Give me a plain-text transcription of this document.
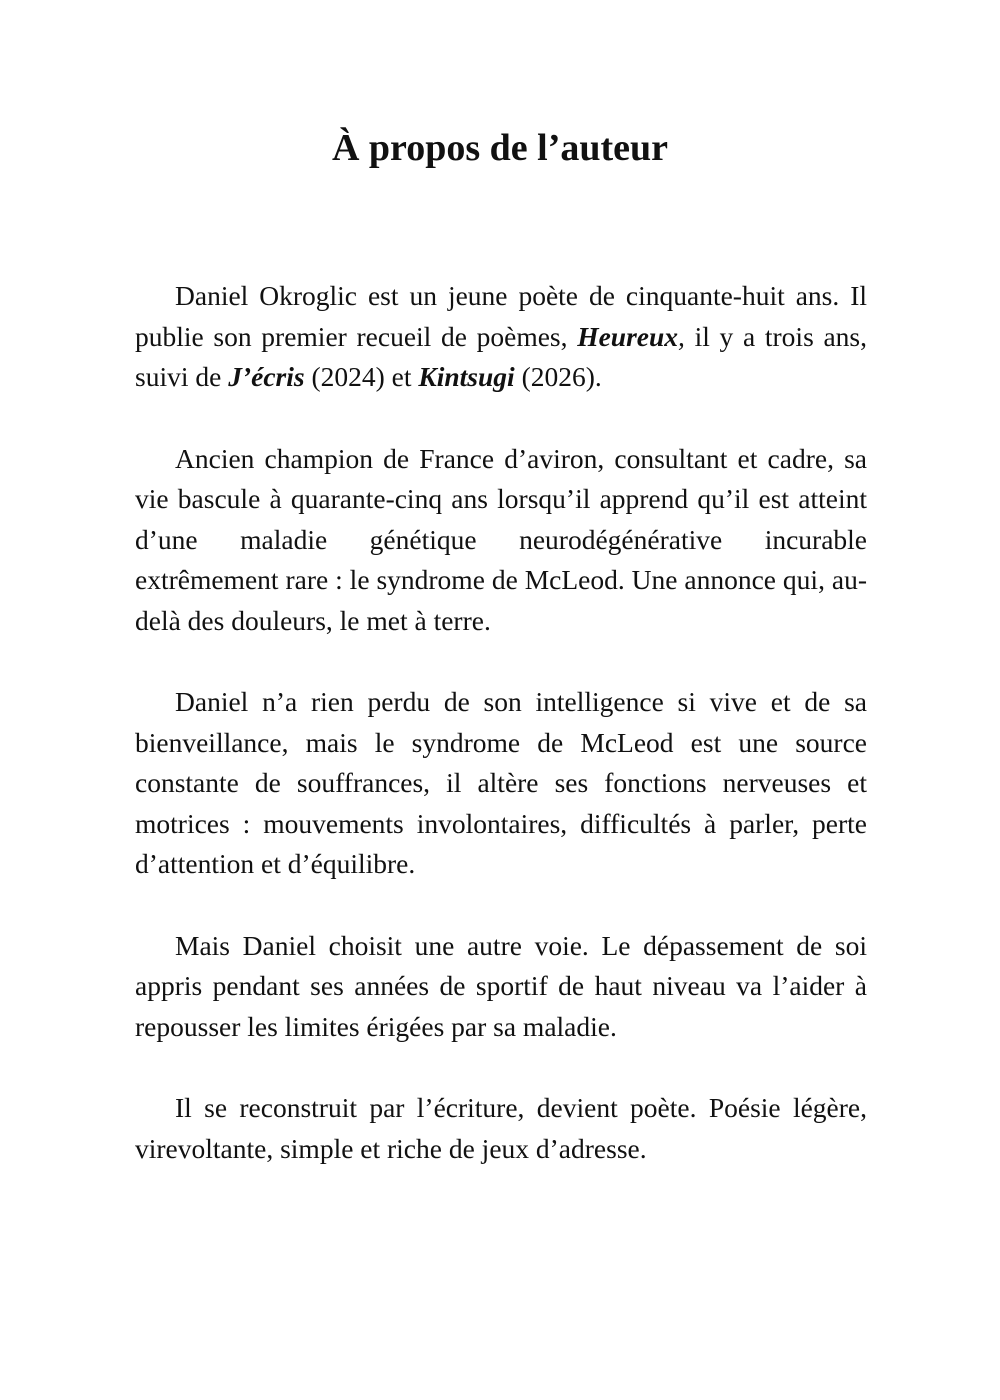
À propos de l’auteur

Daniel Okroglic est un jeune poète de cinquante-huit ans. Il publie son premier recueil de poèmes, Heureux, il y a trois ans, suivi de J’écris (2024) et Kintsugi (2026).

Ancien champion de France d’aviron, consultant et cadre, sa vie bascule à quarante-cinq ans lorsqu’il apprend qu’il est atteint d’une maladie génétique neurodégénérative incurable extrêmement rare : le syndrome de McLeod. Une annonce qui, au-delà des douleurs, le met à terre.

Daniel n’a rien perdu de son intelligence si vive et de sa bienveillance, mais le syndrome de McLeod est une source constante de souffrances, il altère ses fonctions nerveuses et motrices : mouvements involontaires, difficultés à parler, perte d’attention et d’équilibre.

Mais Daniel choisit une autre voie. Le dépassement de soi appris pendant ses années de sportif de haut niveau va l’aider à repousser les limites érigées par sa maladie.

Il se reconstruit par l’écriture, devient poète. Poésie légère, virevoltante, simple et riche de jeux d’adresse.
